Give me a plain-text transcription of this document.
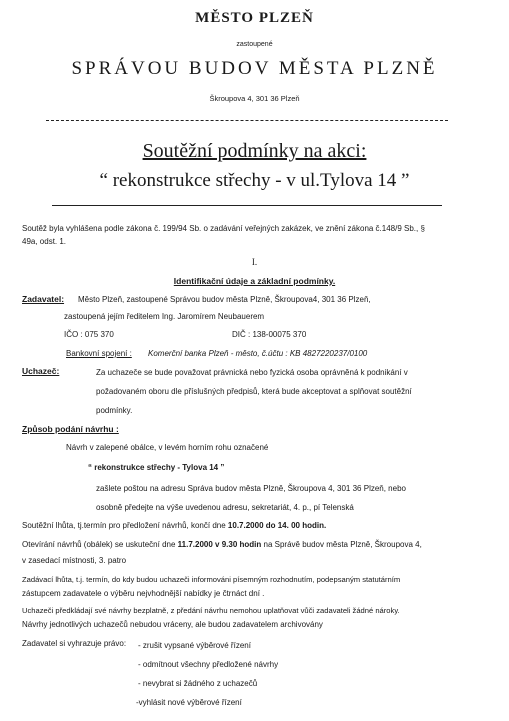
MĚSTO PLZEŇ
zastoupené
SPRÁVOU BUDOV MĚSTA PLZNĚ
Škroupova 4, 301 36 Plzeň
Soutěžní podmínky na akci:
“ rekonstrukce střechy - v ul.Tylova 14 ”
Soutěž byla vyhlášena podle zákona č. 199/94 Sb. o zadávání veřejných zakázek, ve znění zákona č.148/9 Sb., §
49a, odst. 1.
I.
Identifikační údaje a základní podmínky.
Zadavatel: Město Plzeň, zastoupené Správou budov města Plzně, Škroupova4, 301 36 Plzeň,
zastoupená jejím ředitelem Ing. Jaromírem Neubauerem
IČO : 075 370	DIČ : 138-00075 370
Bankovní spojení : Komerční banka Plzeň - město, č.účtu : KB 4827220237/0100
Uchazeč:	Za uchazeče se bude považovat právnická nebo fyzická osoba oprávněná k podnikání v
požadovaném oboru dle příslušných předpisů, která bude akceptovat a splňovat soutěžní
podmínky.
Způsob podání návrhu :
Návrh v zalepené obálce, v levém horním rohu označené
“ rekonstrukce střechy - Tylova 14 ”
zašlete poštou na adresu Správa budov města Plzně, Škroupova 4, 301 36 Plzeň, nebo
osobně předejte na výše uvedenou adresu, sekretariát, 4. p., pí Telenská
Soutěžní lhůta, tj.termín pro předložení návrhů, končí dne 10.7.2000 do 14. 00 hodin.
Otevírání návrhů (obálek) se uskuteční dne 11.7.2000 v 9.30 hodin na Správě budov města Plzně, Škroupova 4,
v zasedací místnosti, 3. patro
Zadávací lhůta, t.j. termín, do kdy budou uchazeči informováni písemným rozhodnutím, podepsaným statutárním
zástupcem zadavatele o výběru nejvhodnější nabídky je čtrnáct dní .
Uchazeči předkládají své návrhy bezplatně, z předání návrhu nemohou uplatňovat vůči zadavateli žádné nároky.
Návrhy jednotlivých uchazečů nebudou vráceny, ale budou zadavatelem archivovány
Zadavatel si vyhrazuje právo: - zrušit vypsané výběrové řízení
- odmítnout všechny předložené návrhy
- nevybrat si žádného z uchazečů
-vyhlásit nové výběrové řízení
